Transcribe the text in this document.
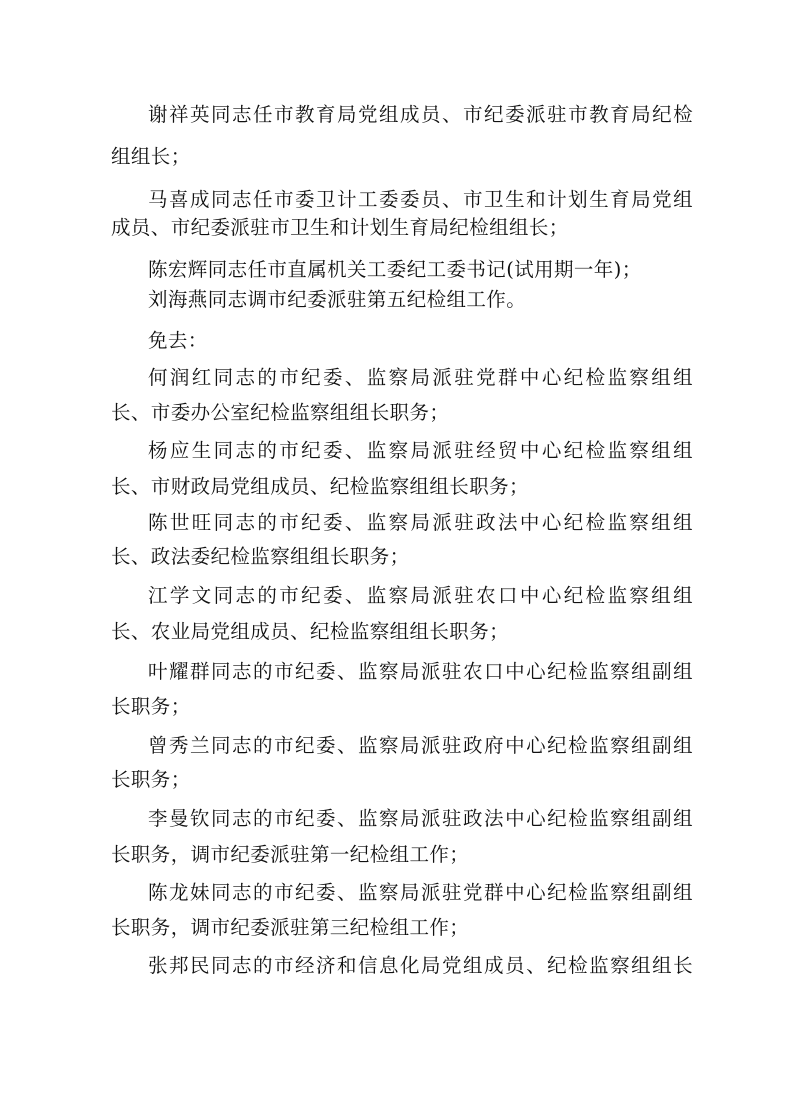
谢祥英同志任市教育局党组成员、市纪委派驻市教育局纪检
组组长；
马喜成同志任市委卫计工委委员、市卫生和计划生育局党组
成员、市纪委派驻市卫生和计划生育局纪检组组长；
陈宏辉同志任市直属机关工委纪工委书记(试用期一年)；
刘海燕同志调市纪委派驻第五纪检组工作。
免去：
何润红同志的市纪委、监察局派驻党群中心纪检监察组组
长、市委办公室纪检监察组组长职务；
杨应生同志的市纪委、监察局派驻经贸中心纪检监察组组
长、市财政局党组成员、纪检监察组组长职务；
陈世旺同志的市纪委、监察局派驻政法中心纪检监察组组
长、政法委纪检监察组组长职务；
江学文同志的市纪委、监察局派驻农口中心纪检监察组组
长、农业局党组成员、纪检监察组组长职务；
叶耀群同志的市纪委、监察局派驻农口中心纪检监察组副组
长职务；
曾秀兰同志的市纪委、监察局派驻政府中心纪检监察组副组
长职务；
李曼钦同志的市纪委、监察局派驻政法中心纪检监察组副组
长职务，调市纪委派驻第一纪检组工作；
陈龙妹同志的市纪委、监察局派驻党群中心纪检监察组副组
长职务，调市纪委派驻第三纪检组工作；
张邦民同志的市经济和信息化局党组成员、纪检监察组组长
